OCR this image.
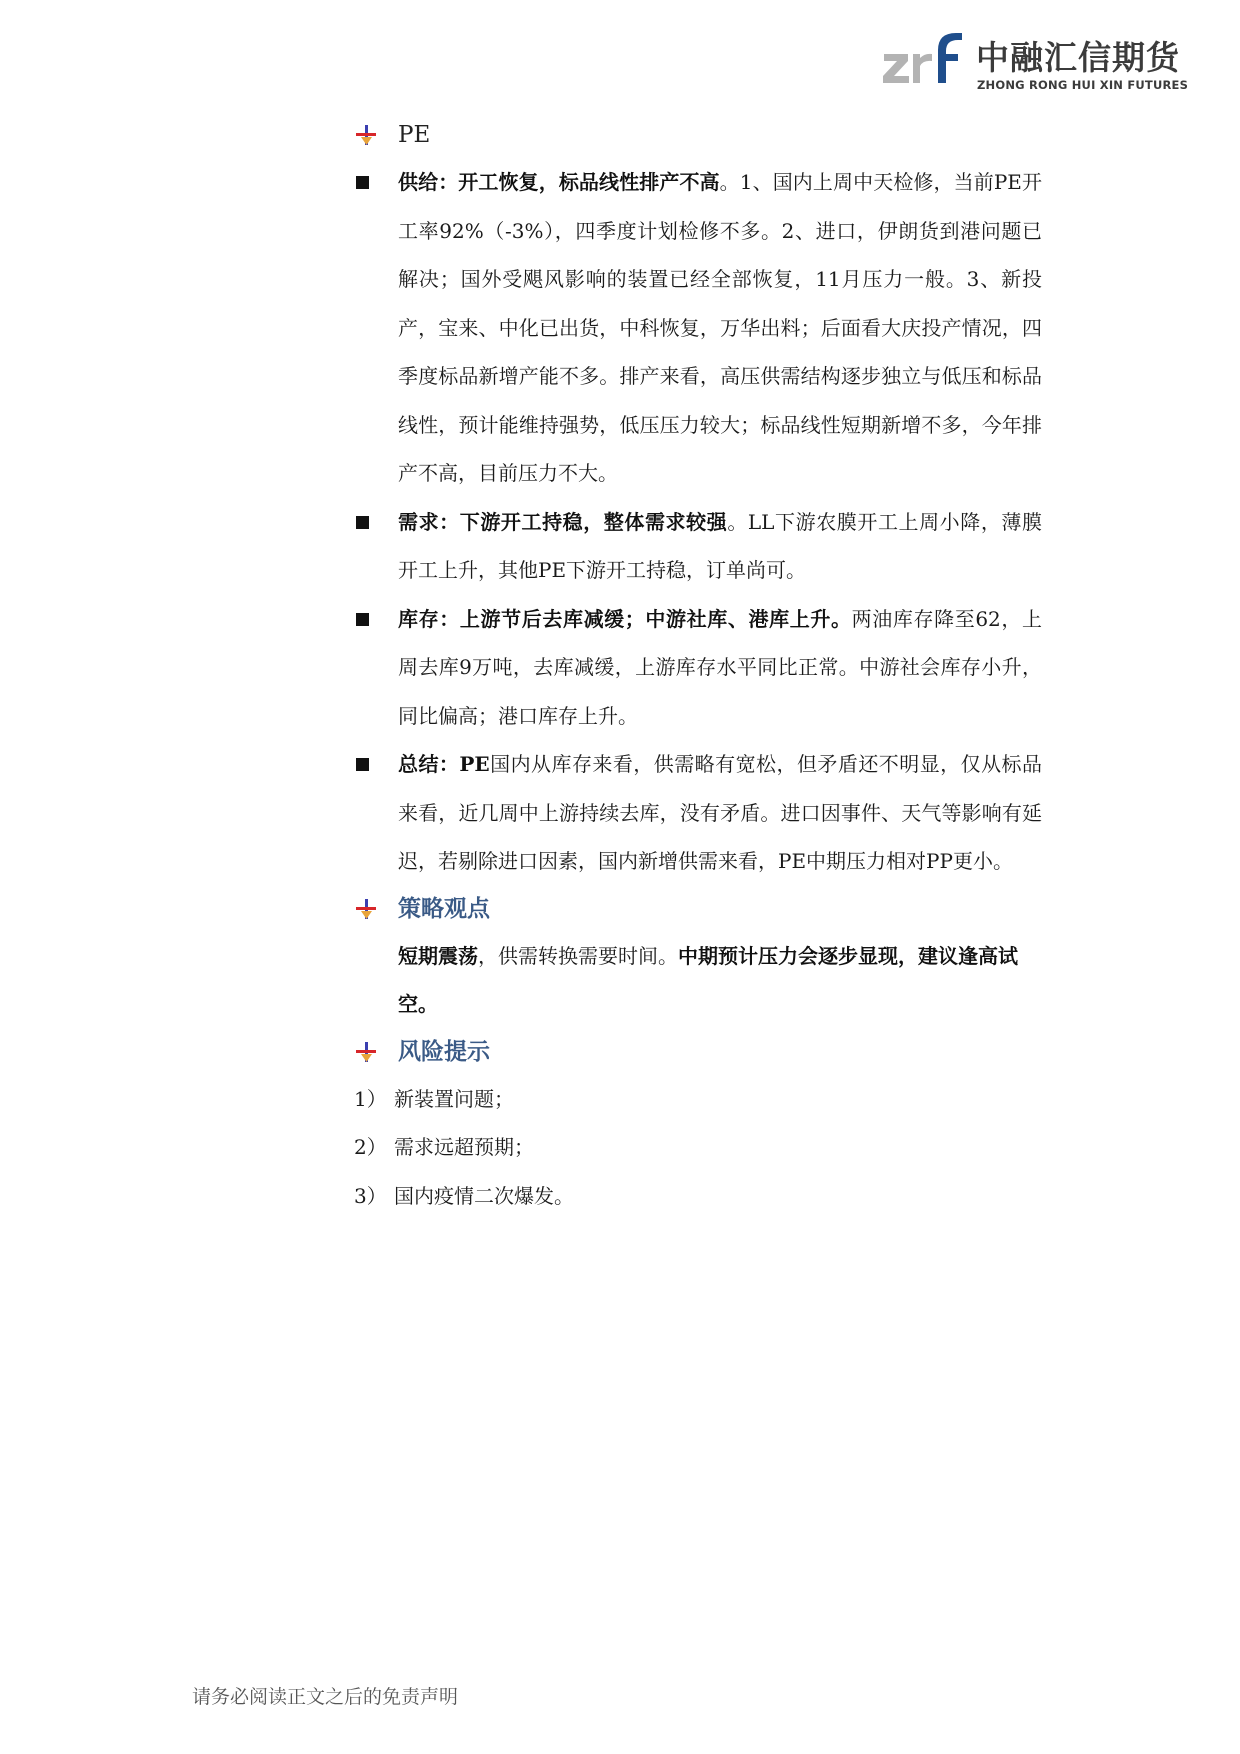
中融汇信期货
ZHONG RONG HUI XIN FUTURES
PE
供给：开工恢复，标品线性排产不高。1、国内上周中天检修，当前PE开工率92%（-3%），四季度计划检修不多。2、进口，伊朗货到港问题已解决；国外受飓风影响的装置已经全部恢复，11月压力一般。3、新投产，宝来、中化已出货，中科恢复，万华出料；后面看大庆投产情况，四季度标品新增产能不多。排产来看，高压供需结构逐步独立与低压和标品线性，预计能维持强势，低压压力较大；标品线性短期新增不多，今年排产不高，目前压力不大。
需求：下游开工持稳，整体需求较强。LL下游农膜开工上周小降，薄膜开工上升，其他PE下游开工持稳，订单尚可。
库存：上游节后去库减缓；中游社库、港库上升。两油库存降至62，上周去库9万吨，去库减缓，上游库存水平同比正常。中游社会库存小升，同比偏高；港口库存上升。
总结：PE国内从库存来看，供需略有宽松，但矛盾还不明显，仅从标品来看，近几周中上游持续去库，没有矛盾。进口因事件、天气等影响有延迟，若剔除进口因素，国内新增供需来看，PE中期压力相对PP更小。
策略观点
短期震荡，供需转换需要时间。中期预计压力会逐步显现，建议逢高试空。
风险提示
1） 新装置问题；
2） 需求远超预期；
3） 国内疫情二次爆发。
请务必阅读正文之后的免责声明
